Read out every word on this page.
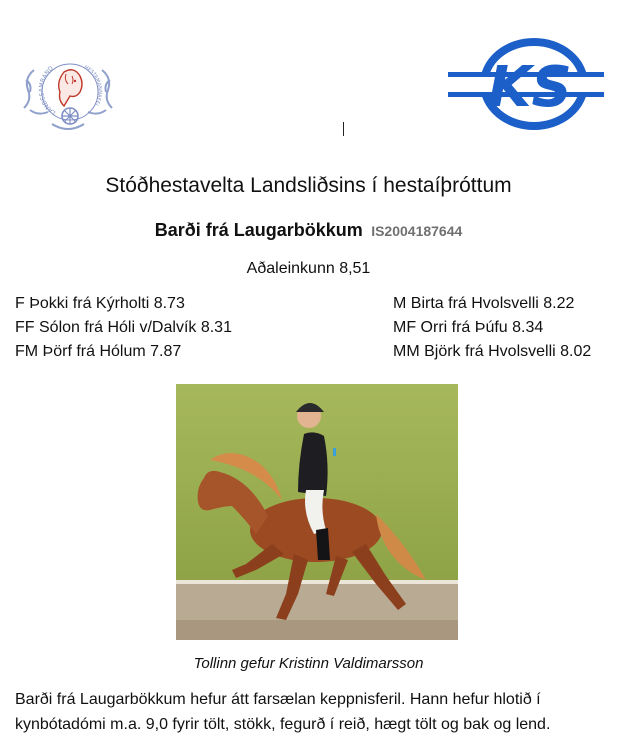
LANDSSAMBAND	HESTAMANNAFEL	KS
Stóðhestavelta Landsliðsins í hestaíþróttum
Barði frá Laugarbökkum IS2004187644
Aðaleinkunn 8,51
F Þokki frá Kýrholti 8.73
FF Sólon frá Hóli v/Dalvík 8.31
FM Þörf frá Hólum 7.87
M Birta frá Hvolsvelli 8.22
MF Orri frá Þúfu 8.34
MM Björk frá Hvolsvelli 8.02
Tollinn gefur Kristinn Valdimarsson
Barði frá Laugarbökkum hefur átt farsælan keppnisferil. Hann hefur hlotið í kynbótadómi m.a. 9,0 fyrir tölt, stökk, fegurð í reið, hægt tölt og bak og lend.
